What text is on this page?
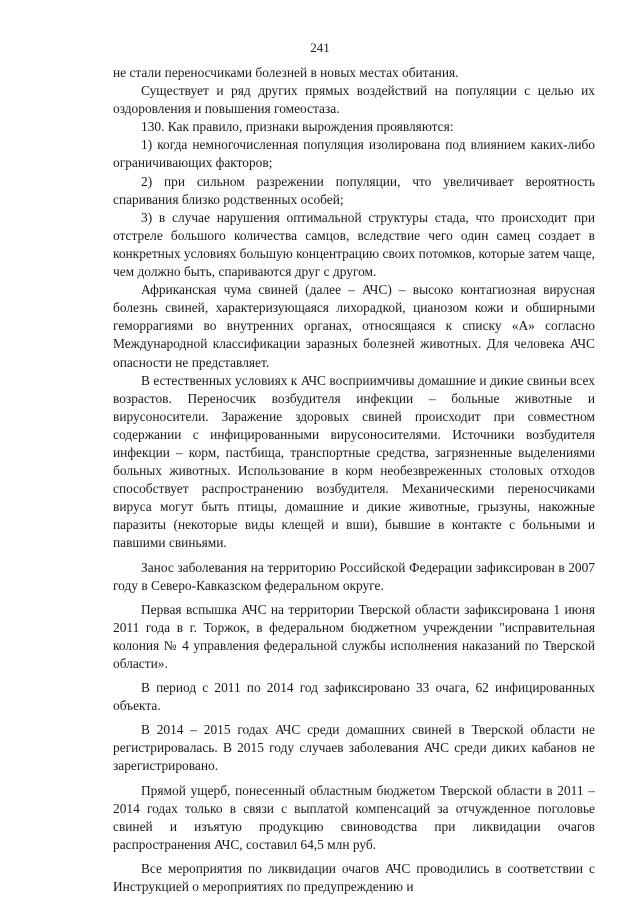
241

не стали переносчиками болезней в новых местах обитания.

Существует и ряд других прямых воздействий на популяции с целью их оздоровления и повышения гомеостаза.

130. Как правило, признаки вырождения проявляются:

1) когда немногочисленная популяция изолирована под влиянием каких-либо ограничивающих факторов;

2) при сильном разрежении популяции, что увеличивает вероятность спаривания близко родственных особей;

3) в случае нарушения оптимальной структуры стада, что происходит при отстреле большого количества самцов, вследствие чего один самец создает в конкретных условиях большую концентрацию своих потомков, которые затем чаще, чем должно быть, спариваются друг с другом.

Африканская чума свиней (далее – АЧС) – высоко контагиозная вирусная болезнь свиней, характеризующаяся лихорадкой, цианозом кожи и обширными геморрагиями во внутренних органах, относящаяся к списку «А» согласно Международной классификации заразных болезней животных. Для человека АЧС опасности не представляет.

В естественных условиях к АЧС восприимчивы домашние и дикие свиньи всех возрастов. Переносчик возбудителя инфекции – больные животные и вирусоносители. Заражение здоровых свиней происходит при совместном содержании с инфицированными вирусоносителями. Источники возбудителя инфекции – корм, пастбища, транспортные средства, загрязненные выделениями больных животных. Использование в корм необезвреженных столовых отходов способствует распространению возбудителя. Механическими переносчиками вируса могут быть птицы, домашние и дикие животные, грызуны, накожные паразиты (некоторые виды клещей и вши), бывшие в контакте с больными и павшими свиньями.

Занос заболевания на территорию Российской Федерации зафиксирован в 2007 году в Северо-Кавказском федеральном округе.

Первая вспышка АЧС на территории Тверской области зафиксирована 1 июня 2011 года в г. Торжок, в федеральном бюджетном учреждении "исправительная колония № 4 управления федеральной службы исполнения наказаний по Тверской области».

В период с 2011 по 2014 год зафиксировано 33 очага, 62 инфицированных объекта.

В 2014 – 2015 годах АЧС среди домашних свиней в Тверской области не регистрировалась. В 2015 году случаев заболевания АЧС среди диких кабанов не зарегистрировано.

Прямой ущерб, понесенный областным бюджетом Тверской области в 2011 – 2014 годах только в связи с выплатой компенсаций за отчужденное поголовье свиней и изъятую продукцию свиноводства при ликвидации очагов распространения АЧС, составил 64,5 млн руб.

Все мероприятия по ликвидации очагов АЧС проводились в соответствии с Инструкцией о мероприятиях по предупреждению и
